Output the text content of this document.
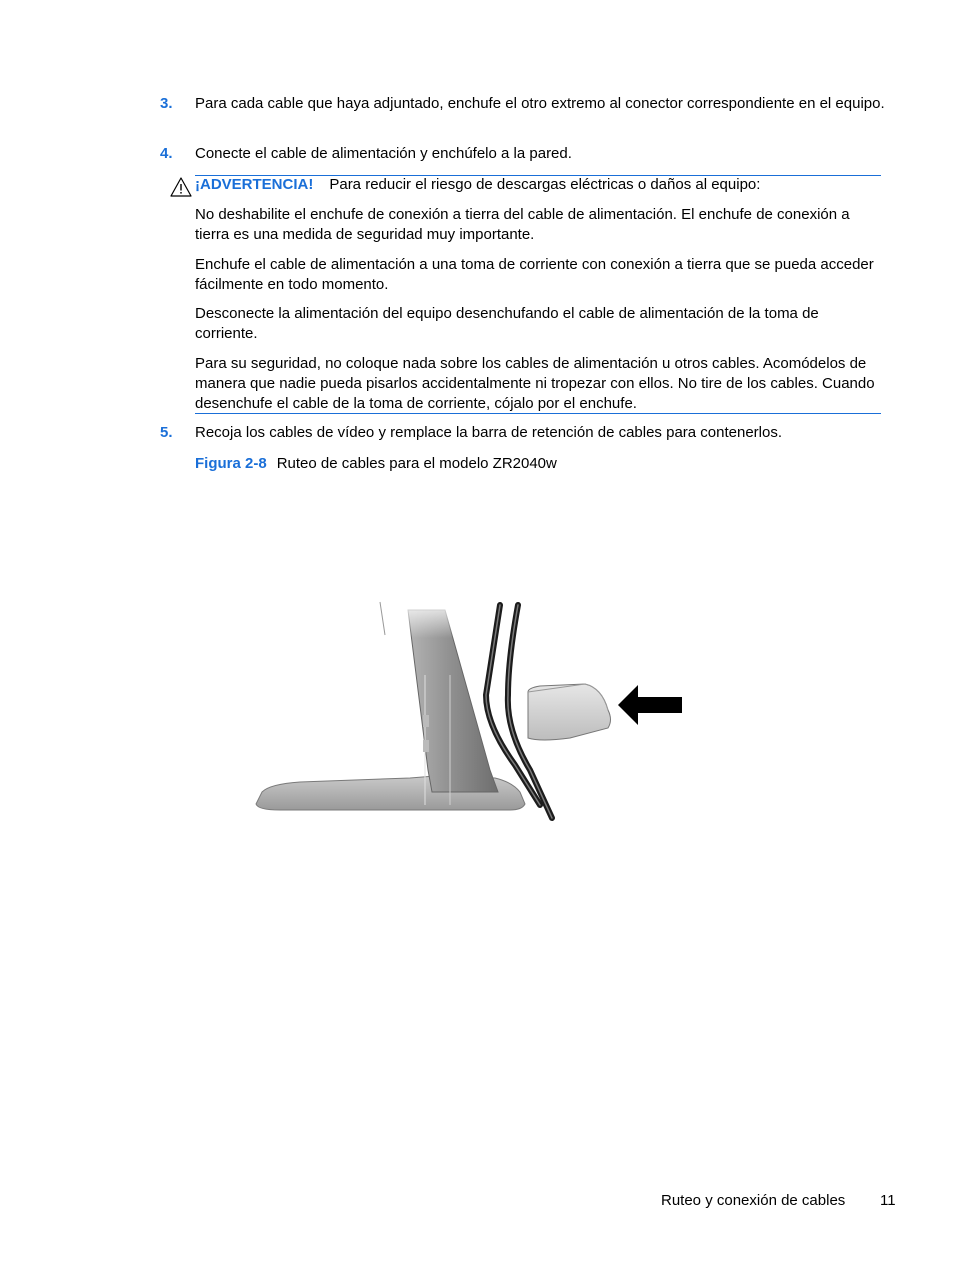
3. Para cada cable que haya adjuntado, enchufe el otro extremo al conector correspondiente en el equipo.
4. Conecte el cable de alimentación y enchúfelo a la pared.
¡ADVERTENCIA! Para reducir el riesgo de descargas eléctricas o daños al equipo:
No deshabilite el enchufe de conexión a tierra del cable de alimentación. El enchufe de conexión a tierra es una medida de seguridad muy importante.
Enchufe el cable de alimentación a una toma de corriente con conexión a tierra que se pueda acceder fácilmente en todo momento.
Desconecte la alimentación del equipo desenchufando el cable de alimentación de la toma de corriente.
Para su seguridad, no coloque nada sobre los cables de alimentación u otros cables. Acomódelos de manera que nadie pueda pisarlos accidentalmente ni tropezar con ellos. No tire de los cables. Cuando desenchufe el cable de la toma de corriente, cójalo por el enchufe.
5. Recoja los cables de vídeo y remplace la barra de retención de cables para contenerlos.
Figura 2-8 Ruteo de cables para el modelo ZR2040w
Ruteo y conexión de cables 11
